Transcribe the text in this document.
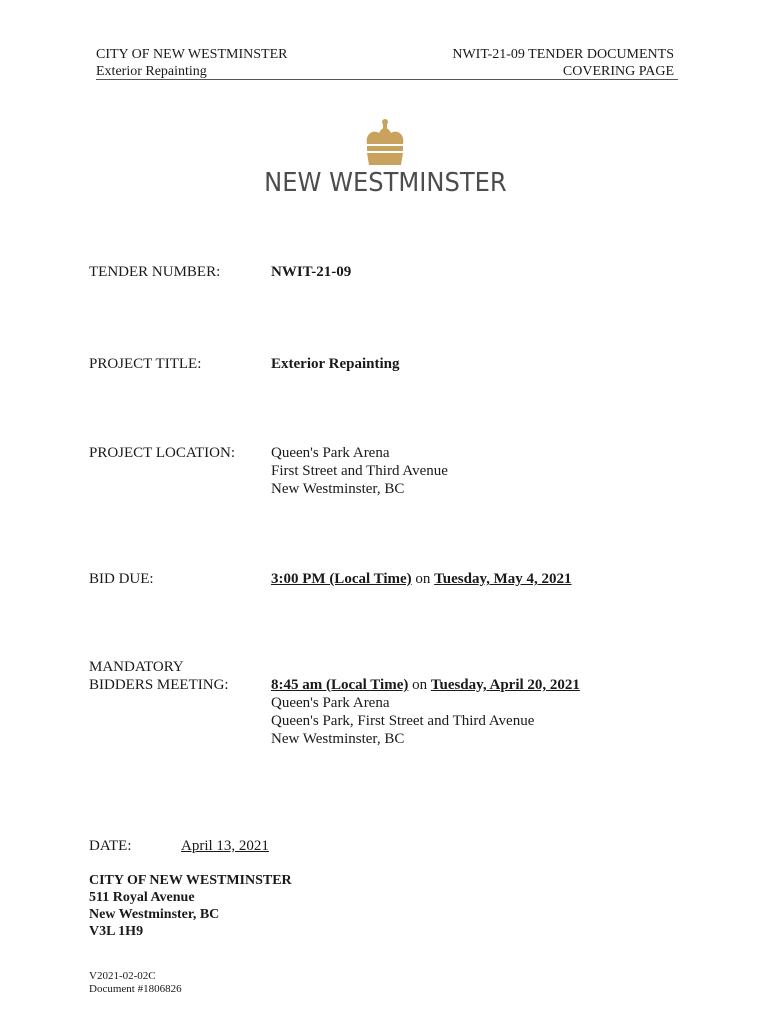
CITY OF NEW WESTMINSTER
Exterior Repainting
NWIT-21-09 TENDER DOCUMENTS
COVERING PAGE
NEW WESTMINSTER
TENDER NUMBER:	NWIT-21-09
PROJECT TITLE:	Exterior Repainting
PROJECT LOCATION: Queen's Park Arena
First Street and Third Avenue
New Westminster, BC
BID DUE:	3:00 PM (Local Time) on Tuesday, May 4, 2021
MANDATORY
BIDDERS MEETING:	8:45 am (Local Time) on Tuesday, April 20, 2021
Queen's Park Arena
Queen's Park, First Street and Third Avenue
New Westminster, BC
DATE:	April 13, 2021
CITY OF NEW WESTMINSTER
511 Royal Avenue
New Westminster, BC
V3L 1H9
V2021-02-02C
Document #1806826
